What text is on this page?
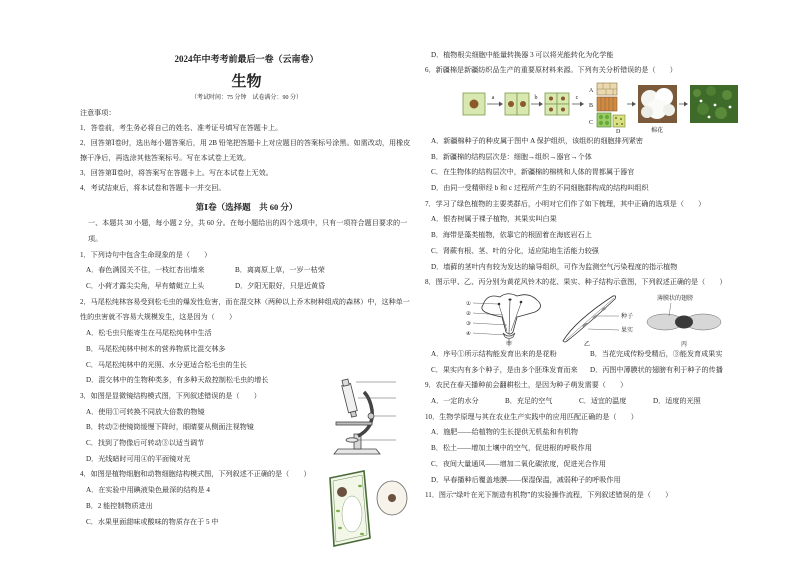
2024年中考考前最后一卷（云南卷）
生物
（考试时间：75 分钟　试卷满分：90 分）
注意事项：
1．答卷前，考生务必将自己的姓名、准考证号填写在答题卡上。
2．回答第Ⅰ卷时，选出每小题答案后，用 2B 铅笔把答题卡上对应题目的答案标号涂黑。如需改动，用橡皮擦干净后，再选涂其他答案标号。写在本试卷上无效。
3．回答第Ⅱ卷时，将答案写在答题卡上。写在本试卷上无效。
4．考试结束后，将本试卷和答题卡一并交回。
第Ⅰ卷（选择题　共 60 分）
一、本题共 30 小题，每小题 2 分，共 60 分。在每小题给出的四个选项中，只有一项符合题目要求的一项。
1．下列诗句中包含生命现象的是（　　）
A．春色满园关不住，一枝红杏出墙来	B．离离原上草，一岁一枯荣
C．小荷才露尖尖角，早有蜻蜓立上头	D．夕阳无限好，只是近黄昏
2．马尾松纯林容易受到松毛虫的爆发性危害，而在混交林（两种以上乔木树种组成的森林）中，这种单一性的虫害就不容易大规模发生，这是因为（　　）
A．松毛虫只能寄生在马尾松纯林中生活
B．马尾松纯林中树木的营养物质比混交林多
C．马尾松纯林中的光照、水分更适合松毛虫的生长
D．混交林中的生物种类多，有多种天敌控制松毛虫的增长
3．如图是显微镜结构模式图，下列叙述错误的是（　　）
A．使用①可转换不同放大倍数的物镜
B．转动②使镜筒缓慢下降时，眼睛要从侧面注视物镜
C．找到了物像后可转动③以适当调节
D．光线暗时可用④的平面镜对光
4．如图是植物细胞和动物细胞结构模式图，下列叙述不正确的是（　　）
A．在实验中用碘液染色最深的结构是 4
B．2 能控制物质进出
C．水果里面甜味或酸味的物质存在于 5 中
D．植物根尖细胞中能量转换器 3 可以将光能转化为化学能
6．新疆棉是新疆纺织品生产的重要原材料来源。下列有关分析错误的是（　　）
a	b	c
A
B
C
D	棉花
A．新疆棉种子的种皮属于图中 A 保护组织，该组织的细胞排列紧密
B．新疆棉的结构层次是：细胞→组织→器官→个体
C．在生物体的结构层次中，新疆棉的棉桃和人体的胃都属于器官
D．由同一受精卵经 b 和 c 过程所产生的不同细胞群构成的结构叫组织
7．学习了绿色植物的主要类群后，小明对它们作了如下梳理，其中正确的选项是（　　）
A．银杏树属于裸子植物，其果实叫白果
B．海带是藻类植物，依靠它的根固着在海底岩石上
C．肾蕨有根、茎、叶的分化，适应陆地生活能力较强
D．墙藓的茎叶内有较为发达的输导组织，可作为监测空气污染程度的指示植物
8．图示甲、乙、丙分别为黄花风铃木的花、果实、种子结构示意图，下列叙述正确的是（　　）
①
②
③
④
甲
种子
果实
乙
薄膜状的翅膀
丙
A．序号①所示结构能发育出来的是花粉	B．当花完成传粉受精后，③能发育成果实
C．果实内有多个种子，是由多个胚珠发育而来	D．丙图中薄膜状的翅膀有利于种子的传播
9．农民在春天播种前会翻耕松土，是因为种子萌发需要（　　）
A．一定的水分	B．充足的空气	C．适宜的温度	D．适度的光照
10．生物学原理与其在农业生产实践中的应用匹配正确的是（　　）
A．施肥——给植物的生长提供无机盐和有机物
B．松土——增加土壤中的空气，促进根的呼吸作用
C．夜间大量通风——增加二氧化碳浓度，促进光合作用
D．早春播种后覆盖地膜——保湿保温，减弱种子的呼吸作用
11．图示“绿叶在光下制造有机物”的实验操作流程，下列叙述错误的是（　　）
